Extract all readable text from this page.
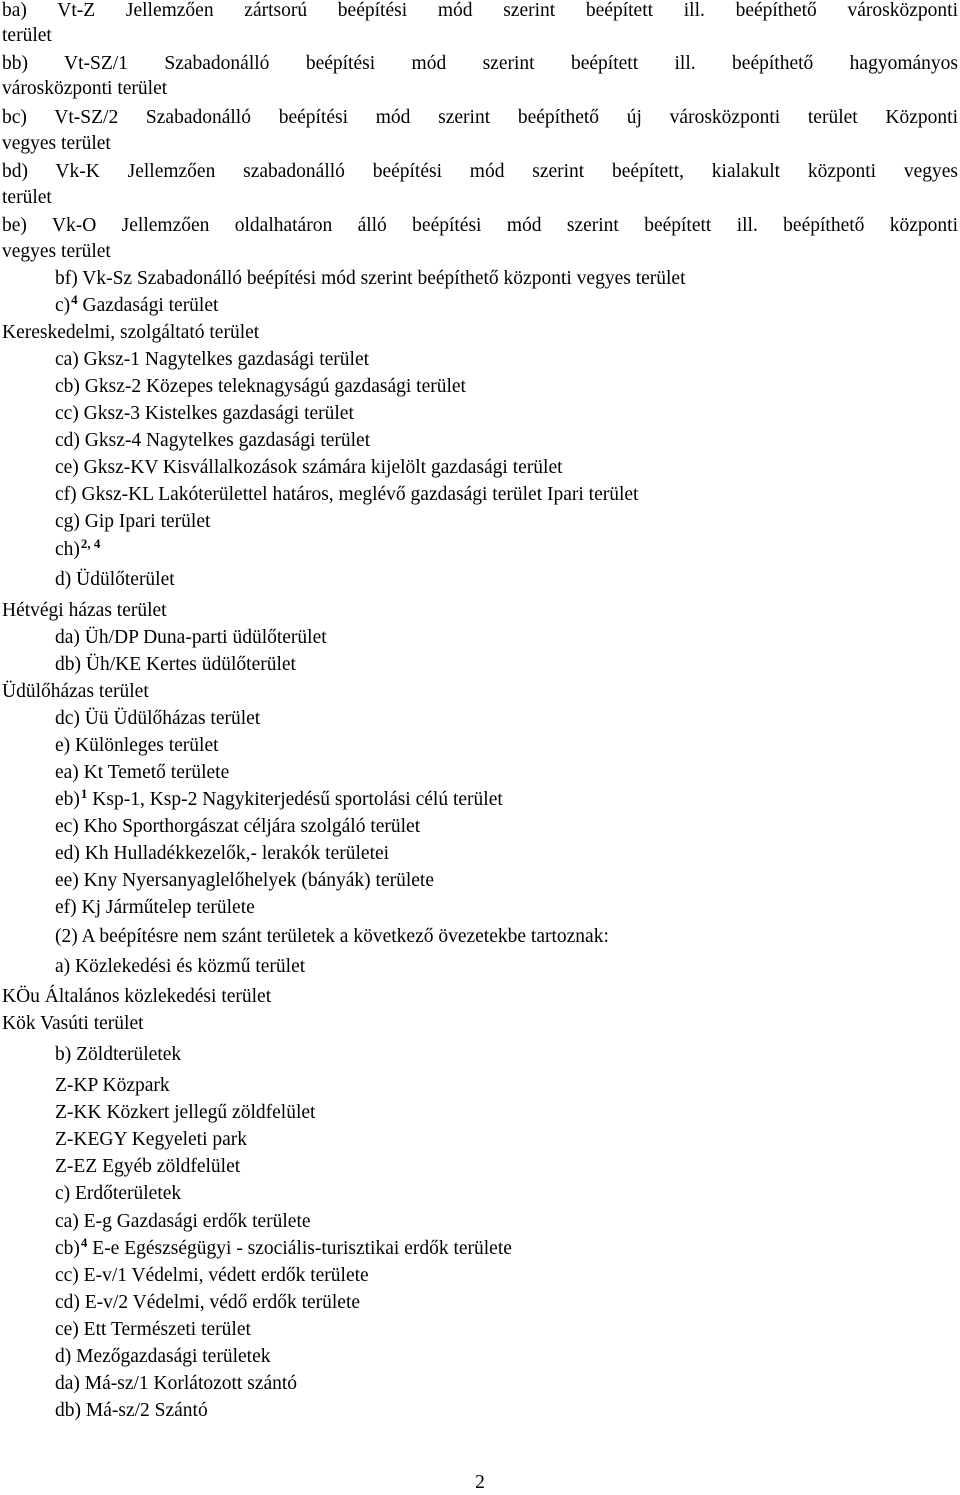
ba) Vt-Z Jellemzően zártsorú beépítési mód szerint beépített ill. beépíthető városközponti
terület
bb) Vt-SZ/1 Szabadonálló beépítési mód szerint beépített ill. beépíthető hagyományos
városközponti terület
bc) Vt-SZ/2 Szabadonálló beépítési mód szerint beépíthető új városközponti terület Központi
vegyes terület
bd) Vk-K Jellemzően szabadonálló beépítési mód szerint beépített, kialakult központi vegyes
terület
be) Vk-O Jellemzően oldalhatáron álló beépítési mód szerint beépített ill. beépíthető központi
vegyes terület
bf) Vk-Sz Szabadonálló beépítési mód szerint beépíthető központi vegyes terület
c)$^4$ Gazdasági terület
Kereskedelmi, szolgáltató terület
ca) Gksz-1 Nagytelkes gazdasági terület
cb) Gksz-2 Közepes teleknagyságú gazdasági terület
cc) Gksz-3 Kistelkes gazdasági terület
cd) Gksz-4 Nagytelkes gazdasági terület
ce) Gksz-KV Kisvállalkozások számára kijelölt gazdasági terület
cf) Gksz-KL Lakóterülettel határos, meglévő gazdasági terület Ipari terület
cg) Gip Ipari terület
ch)$^{2, 4}$
d) Üdülőterület
Hétvégi házas terület
da) Üh/DP Duna-parti üdülőterület
db) Üh/KE Kertes üdülőterület
Üdülőházas terület
dc) Üü Üdülőházas terület
e) Különleges terület
ea) Kt Temető területe
eb)$^1$ Ksp-1, Ksp-2 Nagykiterjedésű sportolási célú terület
ec) Kho Sporthorgászat céljára szolgáló terület
ed) Kh Hulladékkezelők,- lerakók területei
ee) Kny Nyersanyaglelőhelyek (bányák) területe
ef) Kj Járműtelep területe
(2) A beépítésre nem szánt területek a következő övezetekbe tartoznak:
a) Közlekedési és közmű terület
KÖu Általános közlekedési terület
Kök Vasúti terület
b) Zöldterületek
Z-KP Közpark
Z-KK Közkert jellegű zöldfelület
Z-KEGY Kegyeleti park
Z-EZ Egyéb zöldfelület
c) Erdőterületek
ca) E-g Gazdasági erdők területe
cb)$^4$ E-e Egészségügyi - szociális-turisztikai erdők területe
cc) E-v/1 Védelmi, védett erdők területe
cd) E-v/2 Védelmi, védő erdők területe
ce) Ett Természeti terület
d) Mezőgazdasági területek
da) Má-sz/1 Korlátozott szántó
db) Má-sz/2 Szántó
2
